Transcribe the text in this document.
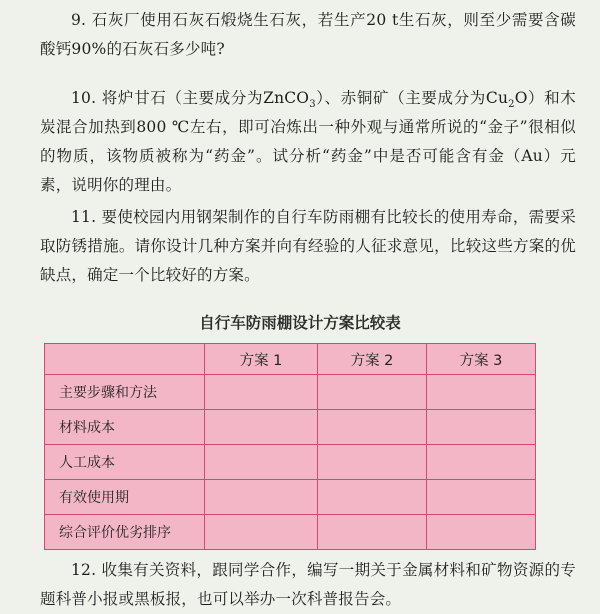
9. 石灰厂使用石灰石煅烧生石灰，若生产20 t生石灰，则至少需要含碳酸钙90%的石灰石多少吨?

10. 将炉甘石（主要成分为ZnCO$_3$）、赤铜矿（主要成分为$Cu_2O$）和木炭混合加热到800 ℃左右，即可冶炼出一种外观与通常所说的“金子”很相似的物质，该物质被称为“药金”。试分析“药金”中是否可能含有金（Au）元素，说明你的理由。

11. 要使校园内用钢架制作的自行车防雨棚有比较长的使用寿命，需要采取防锈措施。请你设计几种方案并向有经验的人征求意见，比较这些方案的优缺点，确定一个比较好的方案。

自行车防雨棚设计方案比较表
	方案 1	方案 2	方案 3
主要步骤和方法			
材料成本			
人工成本			
有效使用期			
综合评价优劣排序			

12. 收集有关资料，跟同学合作，编写一期关于金属材料和矿物资源的专题科普小报或黑板报，也可以举办一次科普报告会。
